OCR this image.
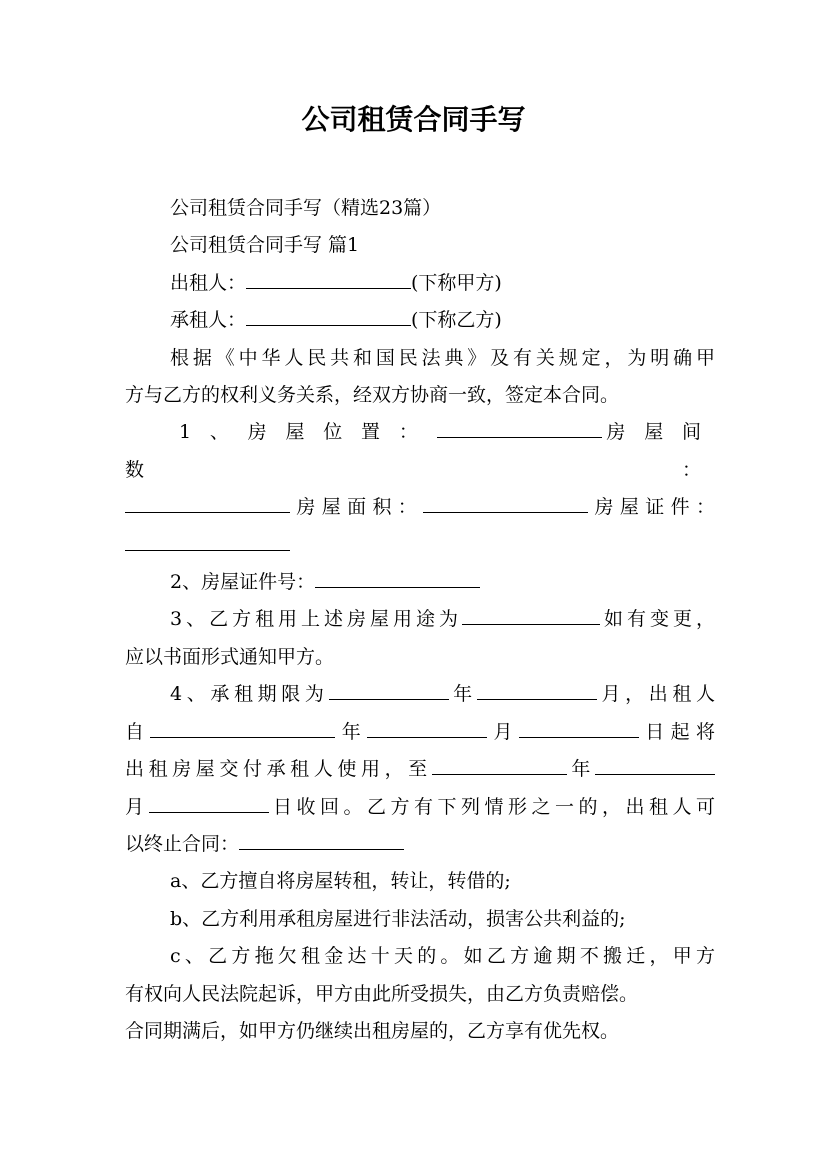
公司租赁合同手写

公司租赁合同手写（精选23篇）

公司租赁合同手写 篇1

出租人：	(下称甲方)

承租人：	(下称乙方)

根据《中华人民共和国民法典》及有关规定，为明确甲

方与乙方的权利义务关系，经双方协商一致，签定本合同。

1、房屋位置：	房屋间数：

房屋面积：	房屋证件：

2、房屋证件号：

3、乙方租用上述房屋用途为	如有变更，

应以书面形式通知甲方。

4、承租期限为	年	月，出租人

自	年	月	日起将

出租房屋交付承租人使用，至	年

月	日收回。乙方有下列情形之一的，出租人可

以终止合同：

a、乙方擅自将房屋转租，转让，转借的;

b、乙方利用承租房屋进行非法活动，损害公共利益的;

c、乙方拖欠租金达十天的。如乙方逾期不搬迁，甲方

有权向人民法院起诉，甲方由此所受损失，由乙方负责赔偿。

合同期满后，如甲方仍继续出租房屋的，乙方享有优先权。
